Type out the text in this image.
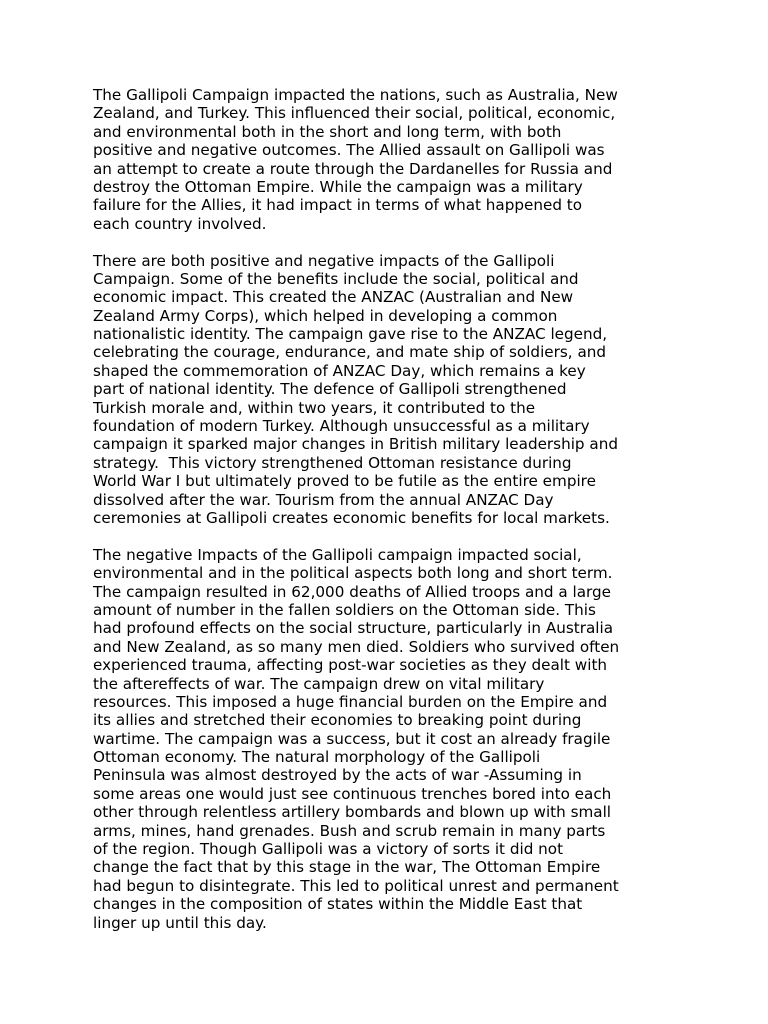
The Gallipoli Campaign impacted the nations, such as Australia, New
Zealand, and Turkey. This influenced their social, political, economic,
and environmental both in the short and long term, with both
positive and negative outcomes. The Allied assault on Gallipoli was
an attempt to create a route through the Dardanelles for Russia and
destroy the Ottoman Empire. While the campaign was a military
failure for the Allies, it had impact in terms of what happened to
each country involved.

There are both positive and negative impacts of the Gallipoli
Campaign. Some of the benefits include the social, political and
economic impact. This created the ANZAC (Australian and New
Zealand Army Corps), which helped in developing a common
nationalistic identity. The campaign gave rise to the ANZAC legend,
celebrating the courage, endurance, and mate ship of soldiers, and
shaped the commemoration of ANZAC Day, which remains a key
part of national identity. The defence of Gallipoli strengthened
Turkish morale and, within two years, it contributed to the
foundation of modern Turkey. Although unsuccessful as a military
campaign it sparked major changes in British military leadership and
strategy.  This victory strengthened Ottoman resistance during
World War I but ultimately proved to be futile as the entire empire
dissolved after the war. Tourism from the annual ANZAC Day
ceremonies at Gallipoli creates economic benefits for local markets.

The negative Impacts of the Gallipoli campaign impacted social,
environmental and in the political aspects both long and short term.
The campaign resulted in 62,000 deaths of Allied troops and a large
amount of number in the fallen soldiers on the Ottoman side. This
had profound effects on the social structure, particularly in Australia
and New Zealand, as so many men died. Soldiers who survived often
experienced trauma, affecting post-war societies as they dealt with
the aftereffects of war. The campaign drew on vital military
resources. This imposed a huge financial burden on the Empire and
its allies and stretched their economies to breaking point during
wartime. The campaign was a success, but it cost an already fragile
Ottoman economy. The natural morphology of the Gallipoli
Peninsula was almost destroyed by the acts of war -Assuming in
some areas one would just see continuous trenches bored into each
other through relentless artillery bombards and blown up with small
arms, mines, hand grenades. Bush and scrub remain in many parts
of the region. Though Gallipoli was a victory of sorts it did not
change the fact that by this stage in the war, The Ottoman Empire
had begun to disintegrate. This led to political unrest and permanent
changes in the composition of states within the Middle East that
linger up until this day.
